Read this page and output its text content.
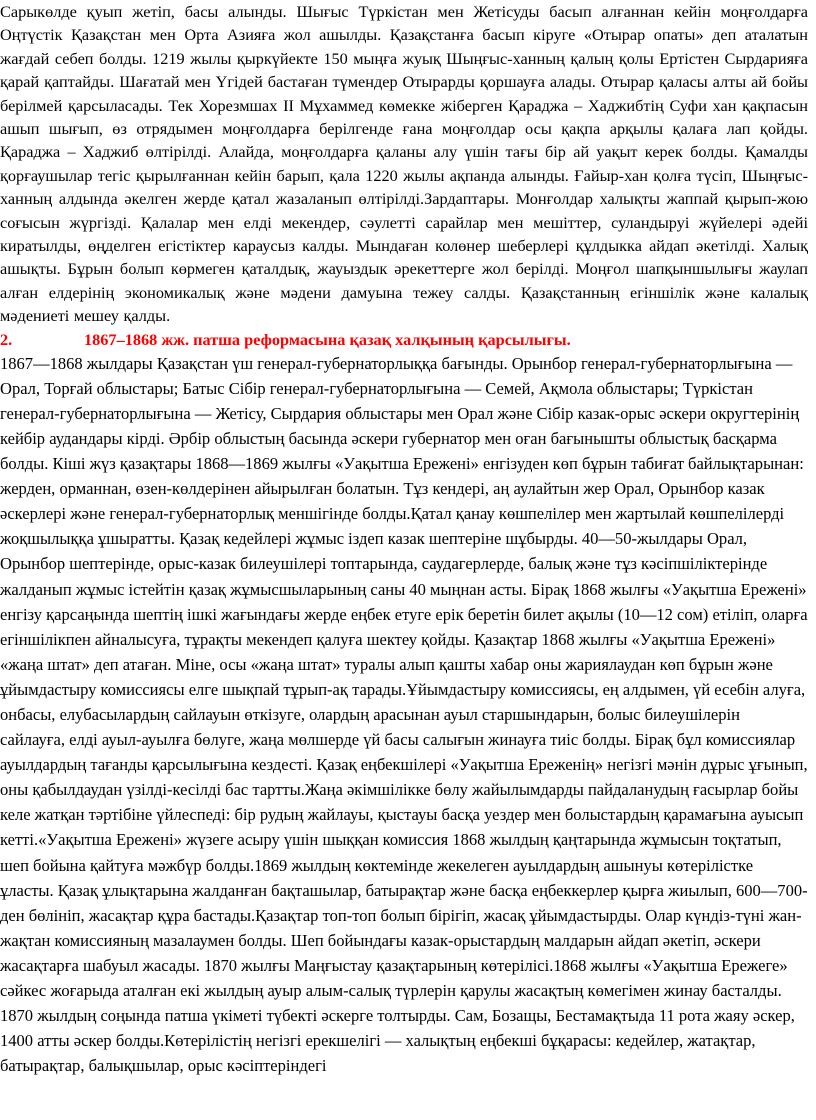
Сарыкөлде қуып жетіп, басы алынды. Шығыс Түркістан мен Жетісуды басып алғаннан кейін моңғолдарға Оңтүстік Қазақстан мен Орта Азияға жол ашылды. Қазақстанға басып кіруге «Отырар опаты» деп аталатын жағдай себеп болды. 1219 жылы қыркүйекте 150 мыңға жуық Шыңғыс-ханның қалың қолы Ертістен Сырдарияға қарай қаптайды. Шағатай мен Үгідей бастаған түмендер Отырарды қоршауға алады. Отырар қаласы алты ай бойы берілмей қарсыласады. Тек Хорезмшах ІІ Мұхаммед көмекке жіберген Қараджа – Хаджибтің Суфи хан қақпасын ашып шығып, өз отрядымен моңғолдарға берілгенде ғана моңғолдар осы қақпа арқылы қалаға лап қойды. Қараджа – Хаджиб өлтірілді. Алайда, моңғолдарға қаланы алу үшін тағы бір ай уақыт керек болды. Қамалды қорғаушылар тегіс қырылғаннан кейін барып, қала 1220 жылы ақпанда алынды. Ғайыр-хан қолға түсіп, Шыңғыс-ханның алдында әкелген жерде қатал жазаланып өлтірілді.Зардаптары. Монғолдар халықты жаппай қырып-жою соғысын жүргізді. Қалалар мен елді мекендер, сәулетті сарайлар мен мешіттер, суландыруі жүйелері әдейі киратылды, өңделген егістіктер караусыз калды. Мындаған колөнер шеберлері құлдыкка айдап әкетілді. Халық ашықты. Бұрын болып көрмеген қаталдық, жауыздык әрекеттерге жол берілді. Моңғол шапқыншылығы жаулап алған елдерінің экономикалық және мәдени дамуына тежеу салды. Қазақстанның егіншілік және калалық мәдениеті мешеу қалды.

2.	1867–1868 жж. патша реформасына қазақ халқының қарсылығы.

1867—1868 жылдары Қазақстан үш генерал-губернаторлыққа бағынды. Орынбор генерал-губернаторлығына — Орал, Торғай облыстары; Батыс Сібір генерал-губернаторлығына — Семей, Ақмола облыстары; Түркістан генерал-губернаторлығына — Жетісу, Сырдария облыстары мен Орал және Сібір казак-орыс әскери округтерінің кейбір аудандары кірді. Әрбір облыстың басында әскери губернатор мен оған бағынышты облыстық басқарма болды. Кіші жүз қазақтары 1868—1869 жылғы «Уақытша Ережені» енгізуден көп бұрын табиғат байлықтарынан: жерден, орманнан, өзен-көлдерінен айырылған болатын. Тұз кендері, аң аулайтын жер Орал, Орынбор казак әскерлері және генерал-губернаторлық меншігінде болды.Қатал қанау көшпелілер мен жартылай көшпелілерді жоқшылыққа ұшыратты. Қазақ кедейлері жұмыс іздеп казак шептеріне шұбырды. 40—50-жылдары Орал, Орынбор шептерінде, орыс-казак билеушілері топтарында, саудагерлерде, балық және тұз кәсіпшіліктерінде жалданып жұмыс істейтін қазақ жұмысшыларының саны 40 мыңнан асты. Бірақ 1868 жылғы «Уақытша Ережені» енгізу қарсаңында шептің ішкі жағындағы жерде еңбек етуге ерік беретін билет ақылы (10—12 сом) етіліп, оларға егіншілікпен айналысуға, тұрақты мекендеп қалуға шектеу қойды. Қазақтар 1868 жылғы «Уақытша Ережені» «жаңа штат» деп атаған. Міне, осы «жаңа штат» туралы алып қашты хабар оны жариялаудан көп бұрын және ұйымдастыру комиссиясы елге шықпай тұрып-ақ тарады.Ұйымдастыру комиссиясы, ең алдымен, үй есебін алуға, онбасы, елубасылардың сайлауын өткізуге, олардың арасынан ауыл старшындарын, болыс билеушілерін сайлауға, елді ауыл-ауылға бөлуге, жаңа мөлшерде үй басы салығын жинауға тиіс болды. Бірақ бұл комиссиялар ауылдардың тағанды қарсылығына кездесті. Қазақ еңбекшілері «Уақытша Ереженің» негізгі мәнін дұрыс ұғынып, оны қабылдаудан үзілді-кесілді бас тартты.Жаңа әкімшілікке бөлу жайылымдарды пайдаланудың ғасырлар бойы келе жатқан тәртібіне үйлеспеді: бір рудың жайлауы, қыстауы басқа уездер мен болыстардың қарамағына ауысып кетті.«Уақытша Ережені» жүзеге асыру үшін шыққан комиссия 1868 жылдың қаңтарында жұмысын тоқтатып, шеп бойына қайтуға мәжбүр болды.1869 жылдың көктемінде жекелеген ауылдардың ашынуы көтерілістке ұласты. Қазақ ұлықтарына жалданған бақташылар, батырақтар және басқа еңбеккерлер қырға жиылып, 600—700-ден бөлініп, жасақтар құра бастады.Қазақтар топ-топ болып бірігіп, жасақ ұйымдастырды. Олар күндіз-түні жан-жақтан комиссияның мазалаумен болды. Шеп бойындағы казак-орыстардың малдарын айдап әкетіп, әскери жасақтарға шабуыл жасады. 1870 жылғы Маңғыстау қазақтарының көтерілісі.1868 жылғы «Уақытша Ережеге» сәйкес жоғарыда аталған екі жылдың ауыр алым-салық түрлерін қарулы жасақтың көмегімен жинау басталды. 1870 жылдың соңында патша үкіметі түбекті әскерге толтырды. Сам, Бозащы, Бестамақтыда 11 рота жаяу әскер, 1400 атты әскер болды.Көтерілістің негізгі ерекшелігі — халықтың еңбекші бұқарасы: кедейлер, жатақтар, батырақтар, балықшылар, орыс кәсіптеріндегі
